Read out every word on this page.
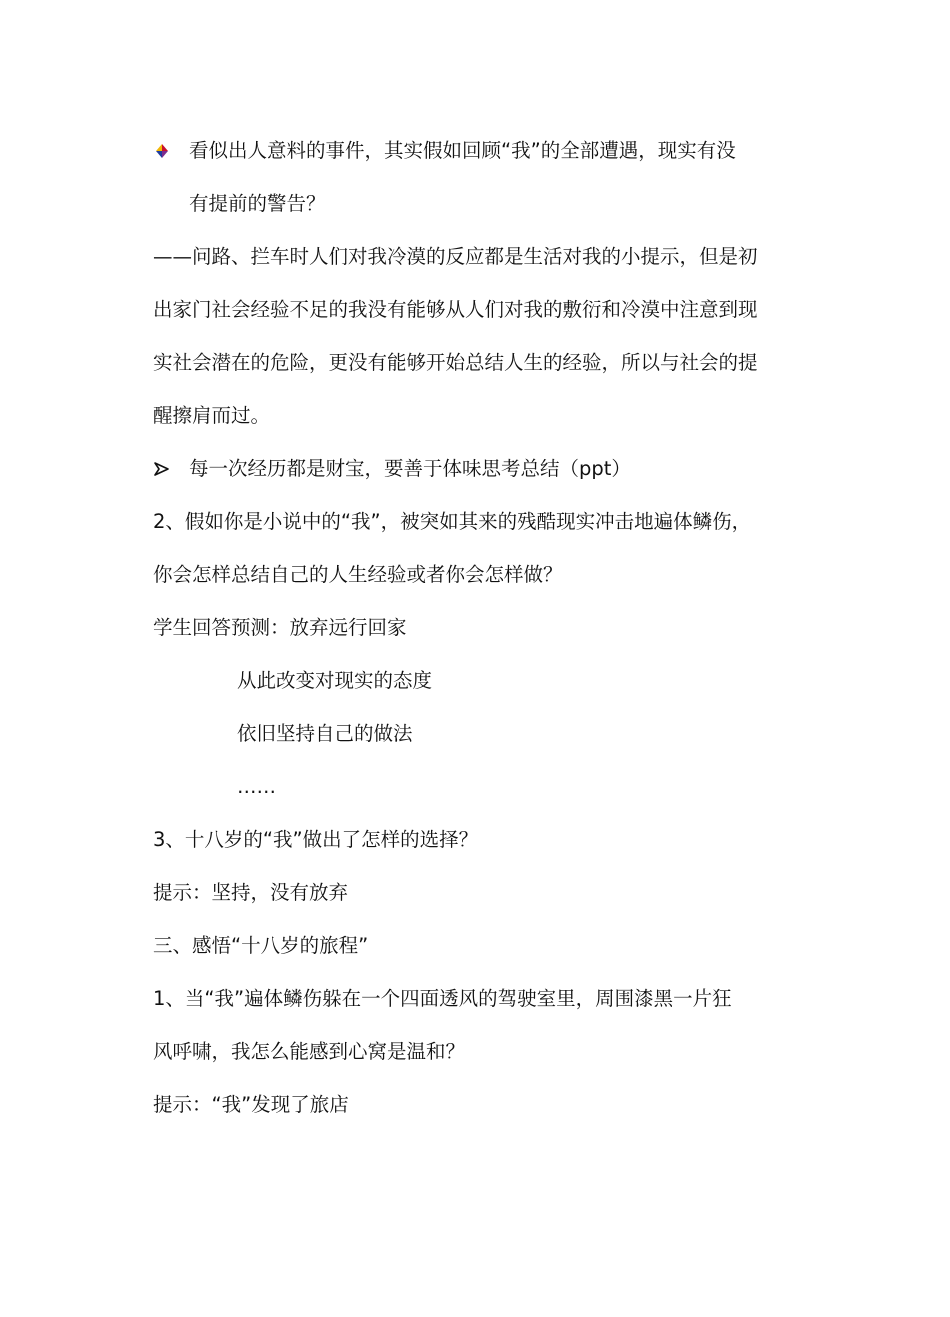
看似出人意料的事件，其实假如回顾“我”的全部遭遇，现实有没
有提前的警告？
——问路、拦车时人们对我冷漠的反应都是生活对我的小提示，但是初
出家门社会经验不足的我没有能够从人们对我的敷衍和冷漠中注意到现
实社会潜在的危险，更没有能够开始总结人生的经验，所以与社会的提
醒擦肩而过。
每一次经历都是财宝，要善于体味思考总结（ppt）
2、假如你是小说中的“我”，被突如其来的残酷现实冲击地遍体鳞伤，
你会怎样总结自己的人生经验或者你会怎样做？
学生回答预测：放弃远行回家
从此改变对现实的态度
依旧坚持自己的做法
……
3、十八岁的“我”做出了怎样的选择？
提示：坚持，没有放弃
三、感悟“十八岁的旅程”
1、当“我”遍体鳞伤躲在一个四面透风的驾驶室里，周围漆黑一片狂
风呼啸，我怎么能感到心窝是温和？
提示：“我”发现了旅店
